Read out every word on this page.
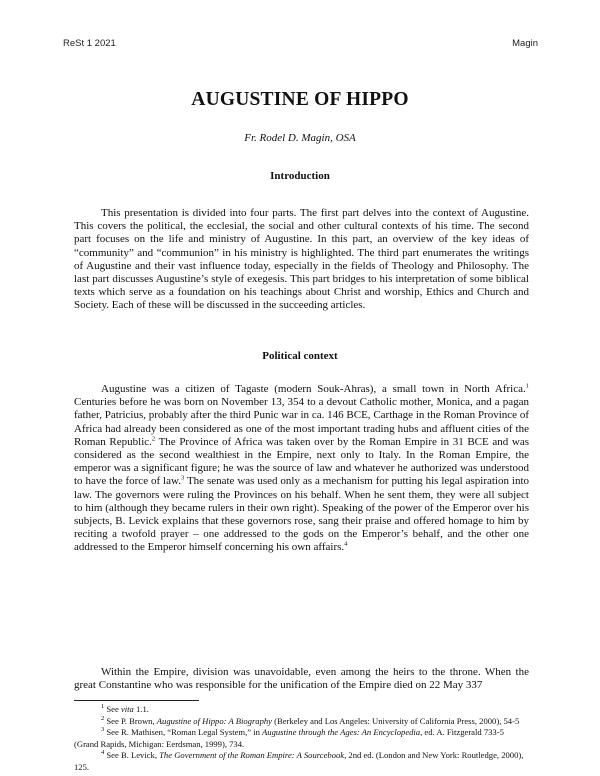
ReSt 1 2021	Magin
AUGUSTINE OF HIPPO
Fr. Rodel D. Magin, OSA
Introduction

This presentation is divided into four parts. The first part delves into the context of Augustine. This covers the political, the ecclesial, the social and other cultural contexts of his time. The second part focuses on the life and ministry of Augustine. In this part, an overview of the key ideas of “community” and “communion” in his ministry is highlighted. The third part enumerates the writings of Augustine and their vast influence today, especially in the fields of Theology and Philosophy. The last part discusses Augustine’s style of exegesis. This part bridges to his interpretation of some biblical texts which serve as a foundation on his teachings about Christ and worship, Ethics and Church and Society. Each of these will be discussed in the succeeding articles.

Political context

Augustine was a citizen of Tagaste (modern Souk-Ahras), a small town in North Africa.$^1$ Centuries before he was born on November 13, 354 to a devout Catholic mother, Monica, and a pagan father, Patricius, probably after the third Punic war in ca. 146 BCE, Carthage in the Roman Province of Africa had already been considered as one of the most important trading hubs and affluent cities of the Roman Republic.$^2$ The Province of Africa was taken over by the Roman Empire in 31 BCE and was considered as the second wealthiest in the Empire, next only to Italy. In the Roman Empire, the emperor was a significant figure; he was the source of law and whatever he authorized was understood to have the force of law.$^3$ The senate was used only as a mechanism for putting his legal aspiration into law. The governors were ruling the Provinces on his behalf. When he sent them, they were all subject to him (although they became rulers in their own right). Speaking of the power of the Emperor over his subjects, B. Levick explains that these governors rose, sang their praise and offered homage to him by reciting a twofold prayer – one addressed to the gods on the Emperor’s behalf, and the other one addressed to the Emperor himself concerning his own affairs.$^4$

Within the Empire, division was unavoidable, even among the heirs to the throne. When the great Constantine who was responsible for the unification of the Empire died on 22 May 337

$^1$ See vita 1.1.

$^2$ See P. Brown, Augustine of Hippo: A Biography (Berkeley and Los Angeles: University of California Press, 2000), 54-5

$^3$ See R. Mathisen, “Roman Legal System,” in Augustine through the Ages: An Encyclopedia, ed. A. Fitzgerald 733-5 (Grand Rapids, Michigan: Eerdsman, 1999), 734.

$^4$ See B. Levick, The Government of the Roman Empire: A Sourcebook, 2nd ed. (London and New York: Routledge, 2000), 125.
